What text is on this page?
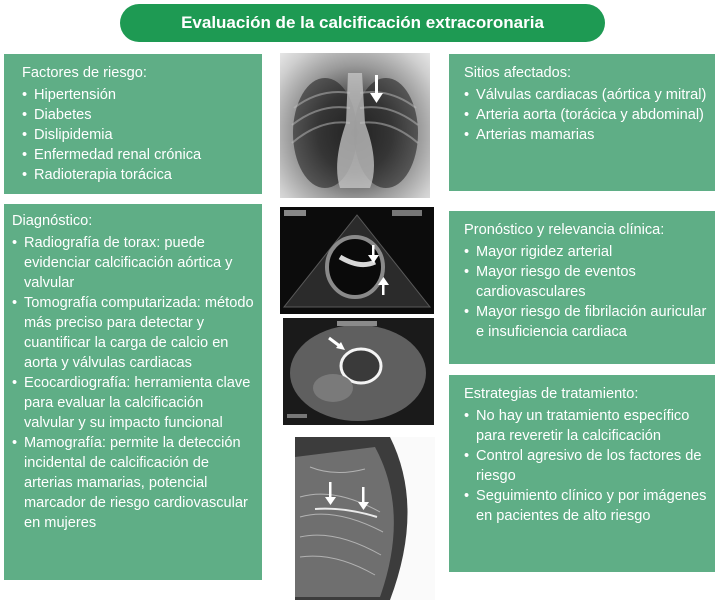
Evaluación de la calcificación extracoronaria
Factores de riesgo:
• Hipertensión
• Diabetes
• Dislipidemia
• Enfermedad renal crónica
• Radioterapia torácica
Diagnóstico:
• Radiografía de torax: puede evidenciar calcificación aórtica y valvular
• Tomografía computarizada: método más preciso para detectar y cuantificar la carga de calcio en aorta y válvulas cardiacas
• Ecocardiografía: herramienta clave para evaluar la calcificación valvular y su impacto funcional
• Mamografía: permite la detección incidental de calcificación de arterias mamarias, potencial marcador de riesgo cardiovascular en mujeres
Sitios afectados:
• Válvulas cardiacas (aórtica y mitral)
• Arteria aorta (torácica y abdominal)
• Arterias mamarias
Pronóstico y relevancia clínica:
• Mayor rigidez arterial
• Mayor riesgo de eventos cardiovasculares
• Mayor riesgo de fibrilación auricular e insuficiencia cardiaca
Estrategias de tratamiento:
• No hay un tratamiento específico para reveretir la calcificación
• Control agresivo de los factores de riesgo
• Seguimiento clínico y por imágenes en pacientes de alto riesgo
